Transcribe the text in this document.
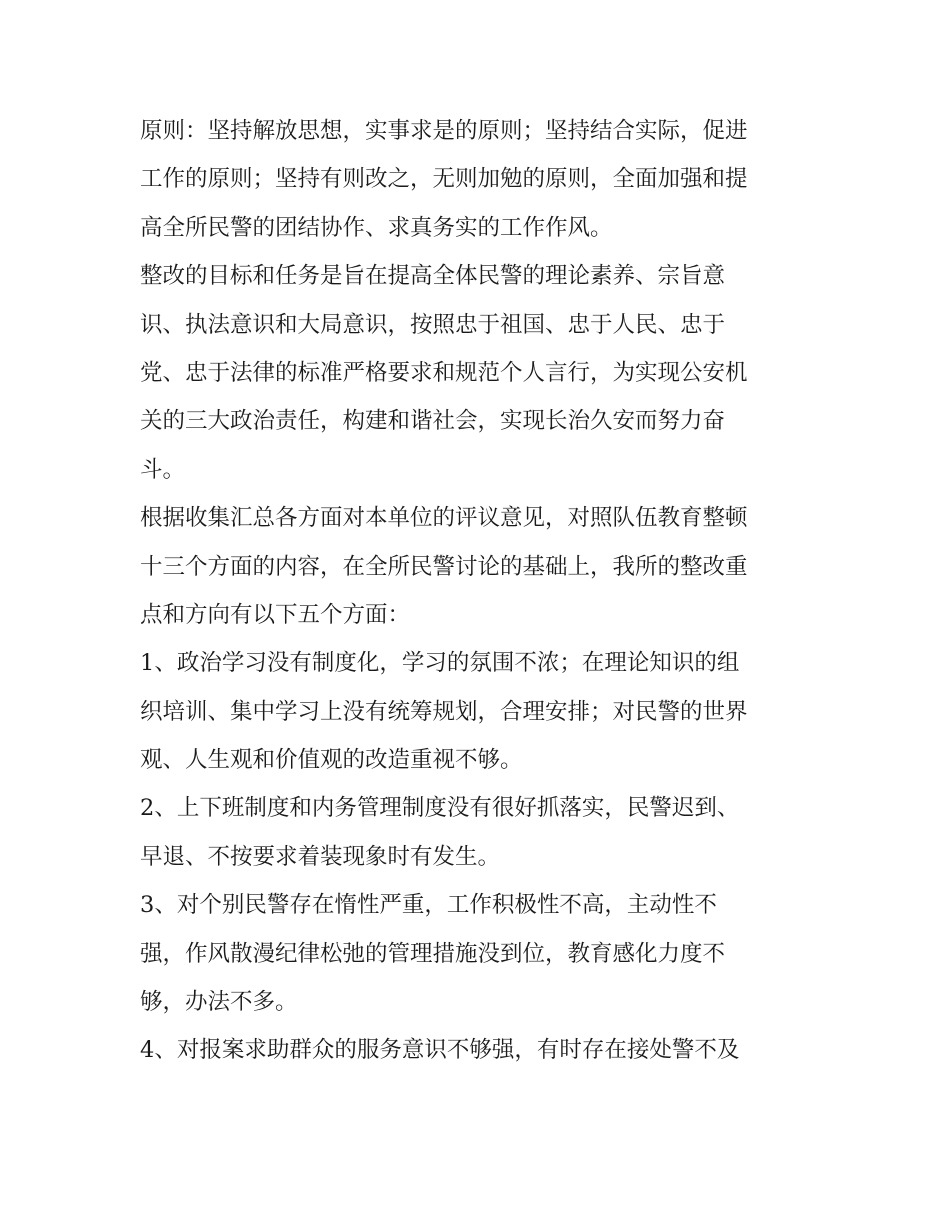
原则：坚持解放思想，实事求是的原则；坚持结合实际，促进
工作的原则；坚持有则改之，无则加勉的原则，全面加强和提
高全所民警的团结协作、求真务实的工作作风。
整改的目标和任务是旨在提高全体民警的理论素养、宗旨意
识、执法意识和大局意识，按照忠于祖国、忠于人民、忠于
党、忠于法律的标准严格要求和规范个人言行，为实现公安机
关的三大政治责任，构建和谐社会，实现长治久安而努力奋
斗。
根据收集汇总各方面对本单位的评议意见，对照队伍教育整顿
十三个方面的内容，在全所民警讨论的基础上，我所的整改重
点和方向有以下五个方面：
1、政治学习没有制度化，学习的氛围不浓；在理论知识的组
织培训、集中学习上没有统筹规划，合理安排；对民警的世界
观、人生观和价值观的改造重视不够。
2、上下班制度和内务管理制度没有很好抓落实，民警迟到、
早退、不按要求着装现象时有发生。
3、对个别民警存在惰性严重，工作积极性不高，主动性不
强，作风散漫纪律松弛的管理措施没到位，教育感化力度不
够，办法不多。
4、对报案求助群众的服务意识不够强，有时存在接处警不及
